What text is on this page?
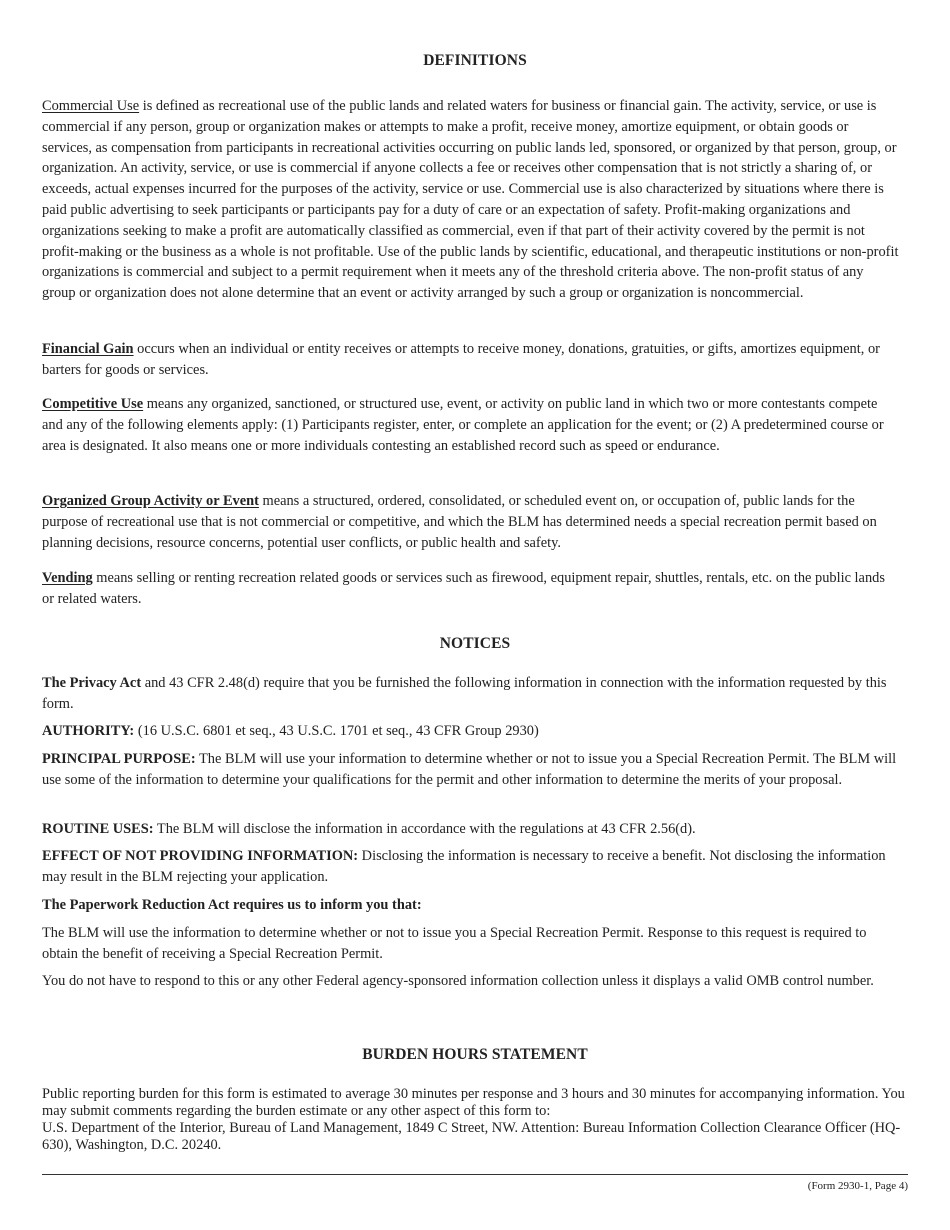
DEFINITIONS

Commercial Use is defined as recreational use of the public lands and related waters for business or financial gain. The activity, service, or use is commercial if any person, group or organization makes or attempts to make a profit, receive money, amortize equipment, or obtain goods or services, as compensation from participants in recreational activities occurring on public lands led, sponsored, or organized by that person, group, or organization. An activity, service, or use is commercial if anyone collects a fee or receives other compensation that is not strictly a sharing of, or exceeds, actual expenses incurred for the purposes of the activity, service or use. Commercial use is also characterized by situations where there is paid public advertising to seek participants or participants pay for a duty of care or an expectation of safety. Profit-making organizations and organizations seeking to make a profit are automatically classified as commercial, even if that part of their activity covered by the permit is not profit-making or the business as a whole is not profitable. Use of the public lands by scientific, educational, and therapeutic institutions or non-profit organizations is commercial and subject to a permit requirement when it meets any of the threshold criteria above. The non-profit status of any group or organization does not alone determine that an event or activity arranged by such a group or organization is noncommercial.

Financial Gain occurs when an individual or entity receives or attempts to receive money, donations, gratuities, or gifts, amortizes equipment, or barters for goods or services.

Competitive Use means any organized, sanctioned, or structured use, event, or activity on public land in which two or more contestants compete and any of the following elements apply: (1) Participants register, enter, or complete an application for the event; or (2) A predetermined course or area is designated. It also means one or more individuals contesting an established record such as speed or endurance.

Organized Group Activity or Event means a structured, ordered, consolidated, or scheduled event on, or occupation of, public lands for the purpose of recreational use that is not commercial or competitive, and which the BLM has determined needs a special recreation permit based on planning decisions, resource concerns, potential user conflicts, or public health and safety.

Vending means selling or renting recreation related goods or services such as firewood, equipment repair, shuttles, rentals, etc. on the public lands or related waters.

NOTICES

The Privacy Act and 43 CFR 2.48(d) require that you be furnished the following information in connection with the information requested by this form.

AUTHORITY: (16 U.S.C. 6801 et seq., 43 U.S.C. 1701 et seq., 43 CFR Group 2930)

PRINCIPAL PURPOSE: The BLM will use your information to determine whether or not to issue you a Special Recreation Permit. The BLM will use some of the information to determine your qualifications for the permit and other information to determine the merits of your proposal.

ROUTINE USES: The BLM will disclose the information in accordance with the regulations at 43 CFR 2.56(d).

EFFECT OF NOT PROVIDING INFORMATION: Disclosing the information is necessary to receive a benefit. Not disclosing the information may result in the BLM rejecting your application.

The Paperwork Reduction Act requires us to inform you that:

The BLM will use the information to determine whether or not to issue you a Special Recreation Permit. Response to this request is required to obtain the benefit of receiving a Special Recreation Permit.

You do not have to respond to this or any other Federal agency-sponsored information collection unless it displays a valid OMB control number.

BURDEN HOURS STATEMENT

Public reporting burden for this form is estimated to average 30 minutes per response and 3 hours and 30 minutes for accompanying information. You may submit comments regarding the burden estimate or any other aspect of this form to:

U.S. Department of the Interior, Bureau of Land Management, 1849 C Street, NW. Attention: Bureau Information Collection Clearance Officer (HQ-630), Washington, D.C. 20240.

(Form 2930-1, Page 4)
